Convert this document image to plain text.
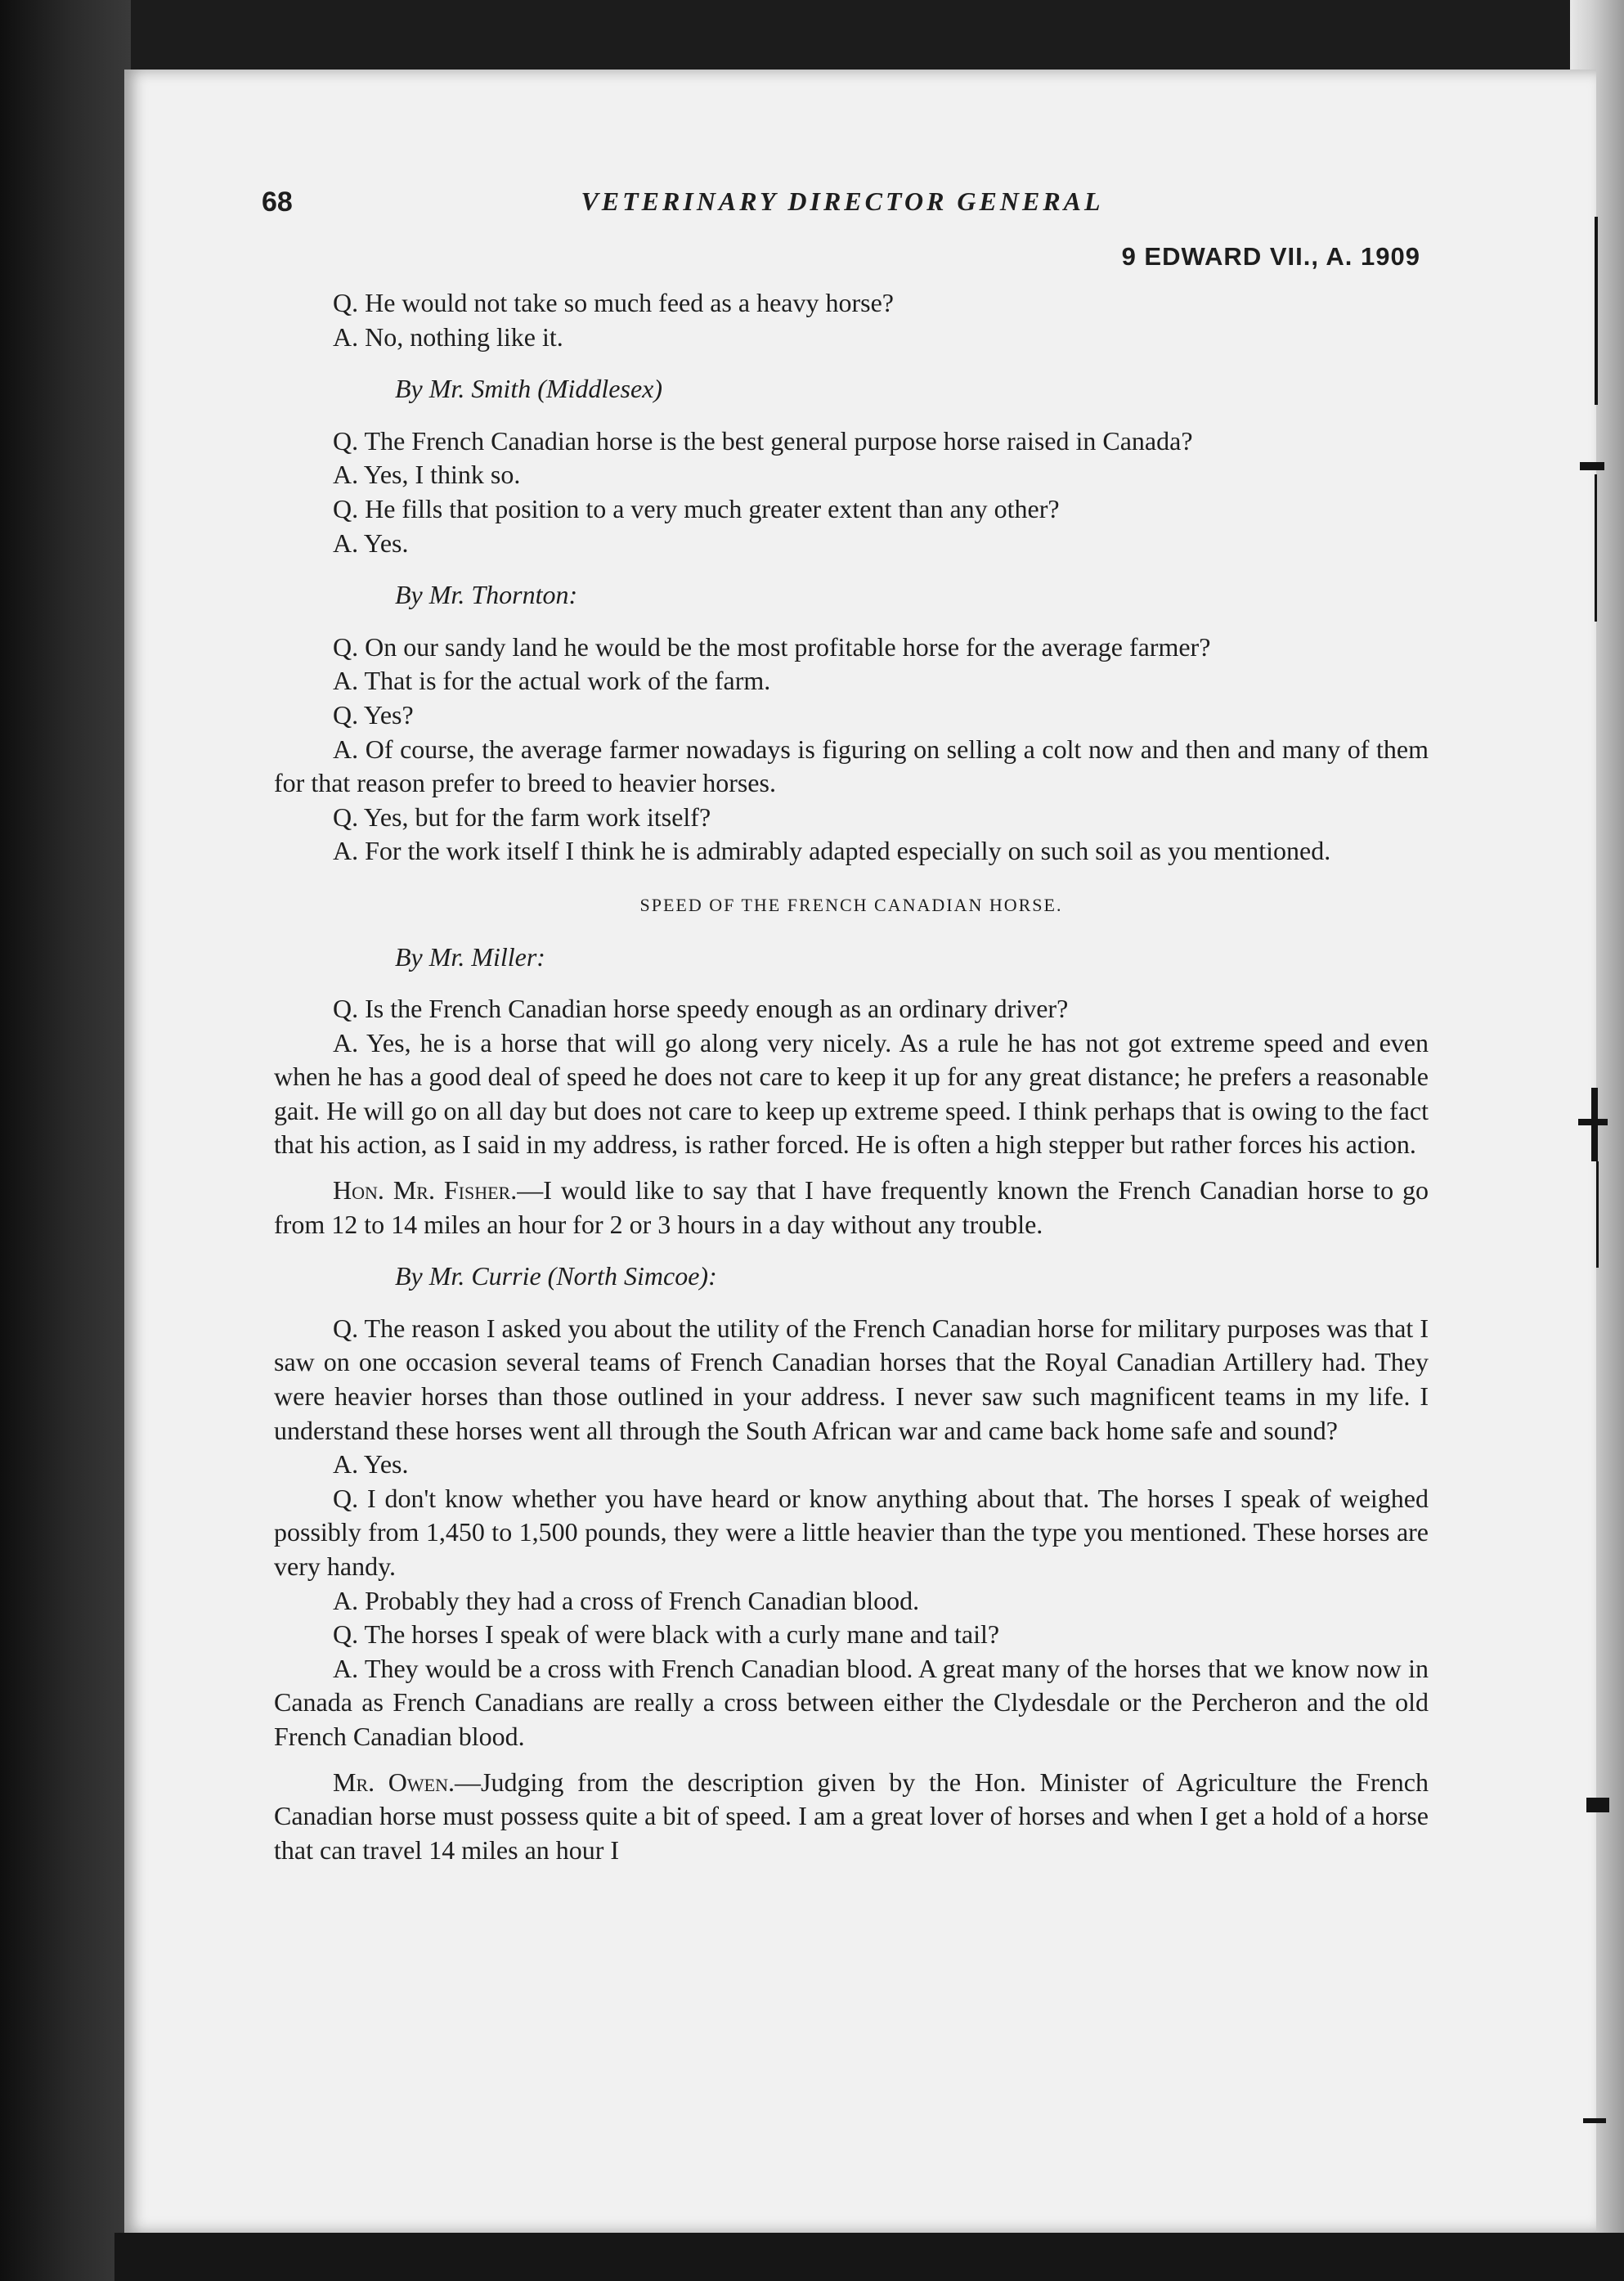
68	VETERINARY DIRECTOR GENERAL
9 EDWARD VII., A. 1909

Q. He would not take so much feed as a heavy horse?

A. No, nothing like it.

By Mr. Smith (Middlesex)

Q. The French Canadian horse is the best general purpose horse raised in Canada?

A. Yes, I think so.

Q. He fills that position to a very much greater extent than any other?

A. Yes.

By Mr. Thornton:

Q. On our sandy land he would be the most profitable horse for the average farmer?

A. That is for the actual work of the farm.

Q. Yes?

A. Of course, the average farmer nowadays is figuring on selling a colt now and then and many of them for that reason prefer to breed to heavier horses.

Q. Yes, but for the farm work itself?

A. For the work itself I think he is admirably adapted especially on such soil as you mentioned.

SPEED OF THE FRENCH CANADIAN HORSE.

By Mr. Miller:

Q. Is the French Canadian horse speedy enough as an ordinary driver?

A. Yes, he is a horse that will go along very nicely. As a rule he has not got extreme speed and even when he has a good deal of speed he does not care to keep it up for any great distance; he prefers a reasonable gait. He will go on all day but does not care to keep up extreme speed. I think perhaps that is owing to the fact that his action, as I said in my address, is rather forced. He is often a high stepper but rather forces his action.

Hon. Mr. Fisher.—I would like to say that I have frequently known the French Canadian horse to go from 12 to 14 miles an hour for 2 or 3 hours in a day without any trouble.

By Mr. Currie (North Simcoe):

Q. The reason I asked you about the utility of the French Canadian horse for military purposes was that I saw on one occasion several teams of French Canadian horses that the Royal Canadian Artillery had. They were heavier horses than those outlined in your address. I never saw such magnificent teams in my life. I understand these horses went all through the South African war and came back home safe and sound?

A. Yes.

Q. I don't know whether you have heard or know anything about that. The horses I speak of weighed possibly from 1,450 to 1,500 pounds, they were a little heavier than the type you mentioned. These horses are very handy.

A. Probably they had a cross of French Canadian blood.

Q. The horses I speak of were black with a curly mane and tail?

A. They would be a cross with French Canadian blood. A great many of the horses that we know now in Canada as French Canadians are really a cross between either the Clydesdale or the Percheron and the old French Canadian blood.

Mr. Owen.—Judging from the description given by the Hon. Minister of Agriculture the French Canadian horse must possess quite a bit of speed. I am a great lover of horses and when I get a hold of a horse that can travel 14 miles an hour I
